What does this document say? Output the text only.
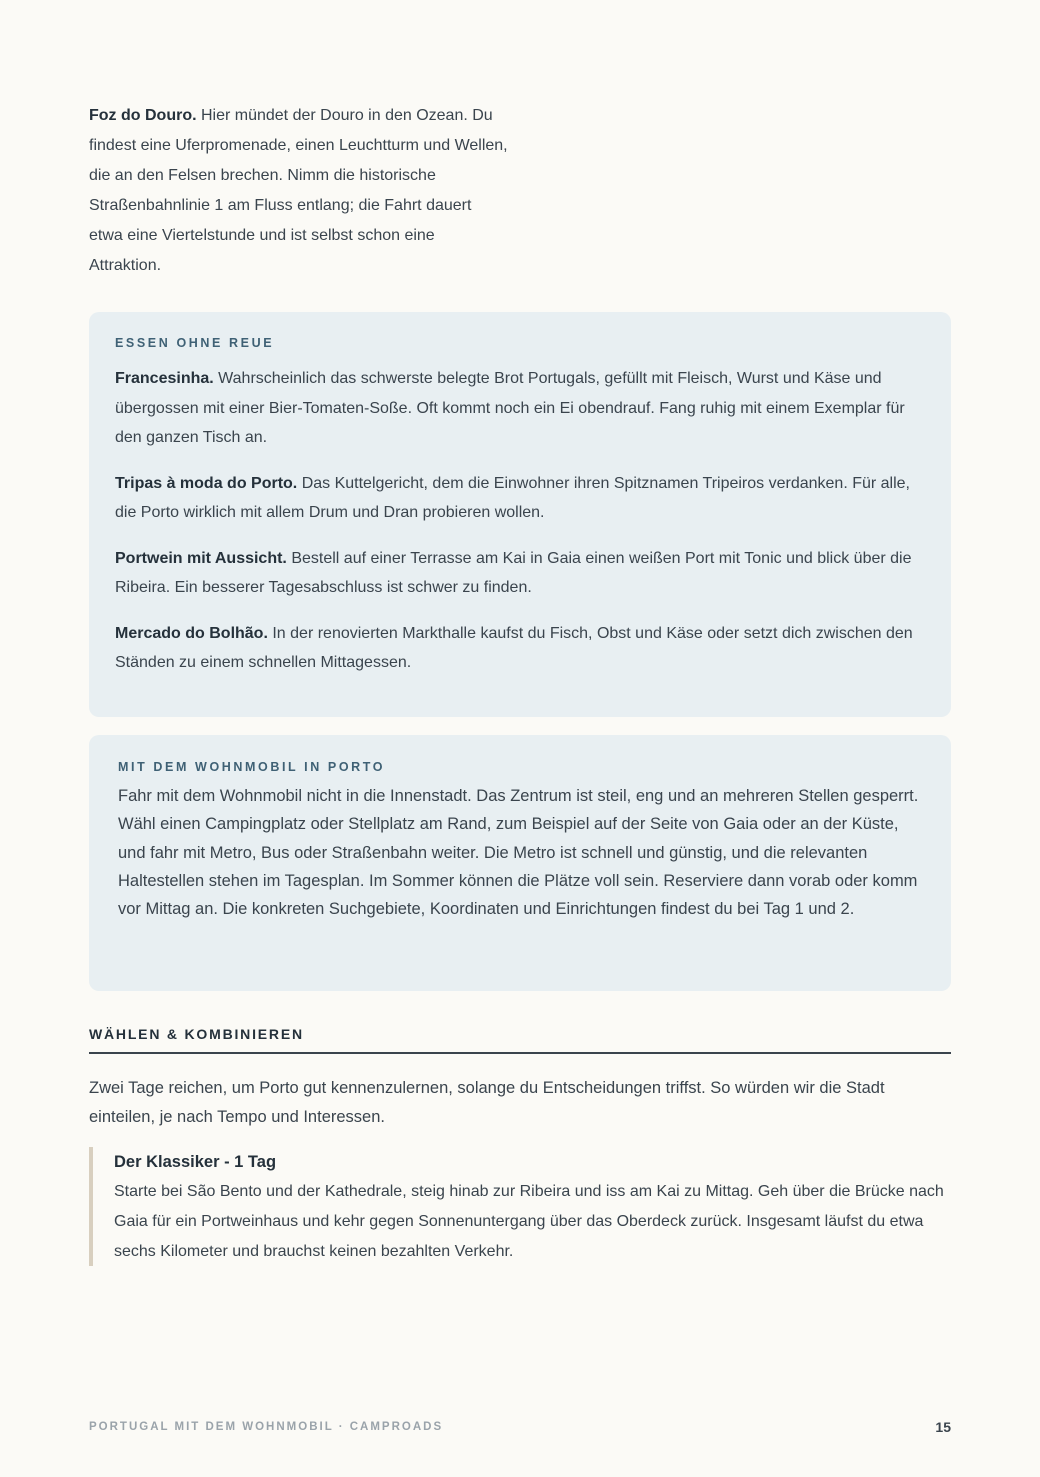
Foz do Douro. Hier mündet der Douro in den Ozean. Du findest eine Uferpromenade, einen Leuchtturm und Wellen, die an den Felsen brechen. Nimm die historische Straßenbahnlinie 1 am Fluss entlang; die Fahrt dauert etwa eine Viertelstunde und ist selbst schon eine Attraktion.

ESSEN OHNE REUE

Francesinha. Wahrscheinlich das schwerste belegte Brot Portugals, gefüllt mit Fleisch, Wurst und Käse und übergossen mit einer Bier-Tomaten-Soße. Oft kommt noch ein Ei obendrauf. Fang ruhig mit einem Exemplar für den ganzen Tisch an.

Tripas à moda do Porto. Das Kuttelgericht, dem die Einwohner ihren Spitznamen Tripeiros verdanken. Für alle, die Porto wirklich mit allem Drum und Dran probieren wollen.

Portwein mit Aussicht. Bestell auf einer Terrasse am Kai in Gaia einen weißen Port mit Tonic und blick über die Ribeira. Ein besserer Tagesabschluss ist schwer zu finden.

Mercado do Bolhão. In der renovierten Markthalle kaufst du Fisch, Obst und Käse oder setzt dich zwischen den Ständen zu einem schnellen Mittagessen.

MIT DEM WOHNMOBIL IN PORTO

Fahr mit dem Wohnmobil nicht in die Innenstadt. Das Zentrum ist steil, eng und an mehreren Stellen gesperrt. Wähl einen Campingplatz oder Stellplatz am Rand, zum Beispiel auf der Seite von Gaia oder an der Küste, und fahr mit Metro, Bus oder Straßenbahn weiter. Die Metro ist schnell und günstig, und die relevanten Haltestellen stehen im Tagesplan. Im Sommer können die Plätze voll sein. Reserviere dann vorab oder komm vor Mittag an. Die konkreten Suchgebiete, Koordinaten und Einrichtungen findest du bei Tag 1 und 2.

WÄHLEN & KOMBINIEREN

Zwei Tage reichen, um Porto gut kennenzulernen, solange du Entscheidungen triffst. So würden wir die Stadt einteilen, je nach Tempo und Interessen.

Der Klassiker - 1 Tag

Starte bei São Bento und der Kathedrale, steig hinab zur Ribeira und iss am Kai zu Mittag. Geh über die Brücke nach Gaia für ein Portweinhaus und kehr gegen Sonnenuntergang über das Oberdeck zurück. Insgesamt läufst du etwa sechs Kilometer und brauchst keinen bezahlten Verkehr.

PORTUGAL MIT DEM WOHNMOBIL · CAMPROADS	15
